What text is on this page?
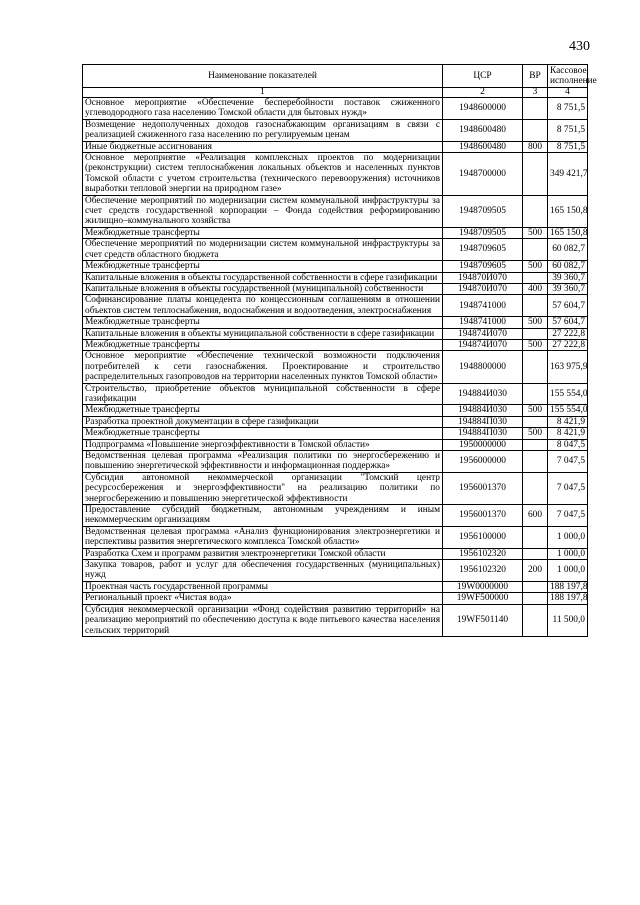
430
Наименование показателей	ЦСР	ВР	Кассовое исполнение
1	2	3	4
Основное мероприятие «Обеспечение бесперебойности поставок сжиженного углеводородного газа населению Томской области для бытовых нужд»	1948600000		8 751,5
Возмещение недополученных доходов газоснабжающим организациям в связи с реализацией сжиженного газа населению по регулируемым ценам	1948600480		8 751,5
Иные бюджетные ассигнования	1948600480	800	8 751,5
Основное мероприятие «Реализация комплексных проектов по модернизации (реконструкции) систем теплоснабжения локальных объектов и населенных пунктов Томской области с учетом строительства (технического перевооружения) источников выработки тепловой энергии на природном газе»	1948700000		349 421,7
Обеспечение мероприятий по модернизации систем коммунальной инфраструктуры за счет средств государственной корпорации – Фонда содействия реформированию жилищно–коммунального хозяйства	1948709505		165 150,8
Межбюджетные трансферты	1948709505	500	165 150,8
Обеспечение мероприятий по модернизации систем коммунальной инфраструктуры за счет средств областного бюджета	1948709605		60 082,7
Межбюджетные трансферты	1948709605	500	60 082,7
Капитальные вложения в объекты государственной собственности в сфере газификации	194870И070		39 360,7
Капитальные вложения в объекты государственной (муниципальной) собственности	194870И070	400	39 360,7
Софинансирование платы концедента по концессионным соглашениям в отношении объектов систем теплоснабжения, водоснабжения и водоотведения, электроснабжения	1948741000		57 604,7
Межбюджетные трансферты	1948741000	500	57 604,7
Капитальные вложения в объекты муниципальной собственности в сфере газификации	194874И070		27 222,8
Межбюджетные трансферты	194874И070	500	27 222,8
Основное мероприятие «Обеспечение технической возможности подключения потребителей к сети газоснабжения. Проектирование и строительство распределительных газопроводов на территории населенных пунктов Томской области»	1948800000		163 975,9
Строительство, приобретение объектов муниципальной собственности в сфере газификации	194884И030		155 554,0
Межбюджетные трансферты	194884И030	500	155 554,0
Разработка проектной документации в сфере газификации	194884П030		8 421,9
Межбюджетные трансферты	194884П030	500	8 421,9
Подпрограмма «Повышение энергоэффективности в Томской области»	1950000000		8 047,5
Ведомственная целевая программа «Реализация политики по энергосбережению и повышению энергетической эффективности и информационная поддержка»	1956000000		7 047,5
Субсидия автономной некоммерческой организации "Томский центр ресурсосбережения и энергоэффективности" на реализацию политики по энергосбережению и повышению энергетической эффективности	1956001370		7 047,5
Предоставление субсидий бюджетным, автономным учреждениям и иным некоммерческим организациям	1956001370	600	7 047,5
Ведомственная целевая программа «Анализ функционирования электроэнергетики и перспективы развития энергетического комплекса Томской области»	1956100000		1 000,0
Разработка Схем и программ развития электроэнергетики Томской области	1956102320		1 000,0
Закупка товаров, работ и услуг для обеспечения государственных (муниципальных) нужд	1956102320	200	1 000,0
Проектная часть государственной программы	19W0000000		188 197,8
Региональный проект «Чистая вода»	19WF500000		188 197,8
Субсидия некоммерческой организации «Фонд содействия развитию территорий» на реализацию мероприятий по обеспечению доступа к воде питьевого качества населения сельских территорий	19WF501140		11 500,0
